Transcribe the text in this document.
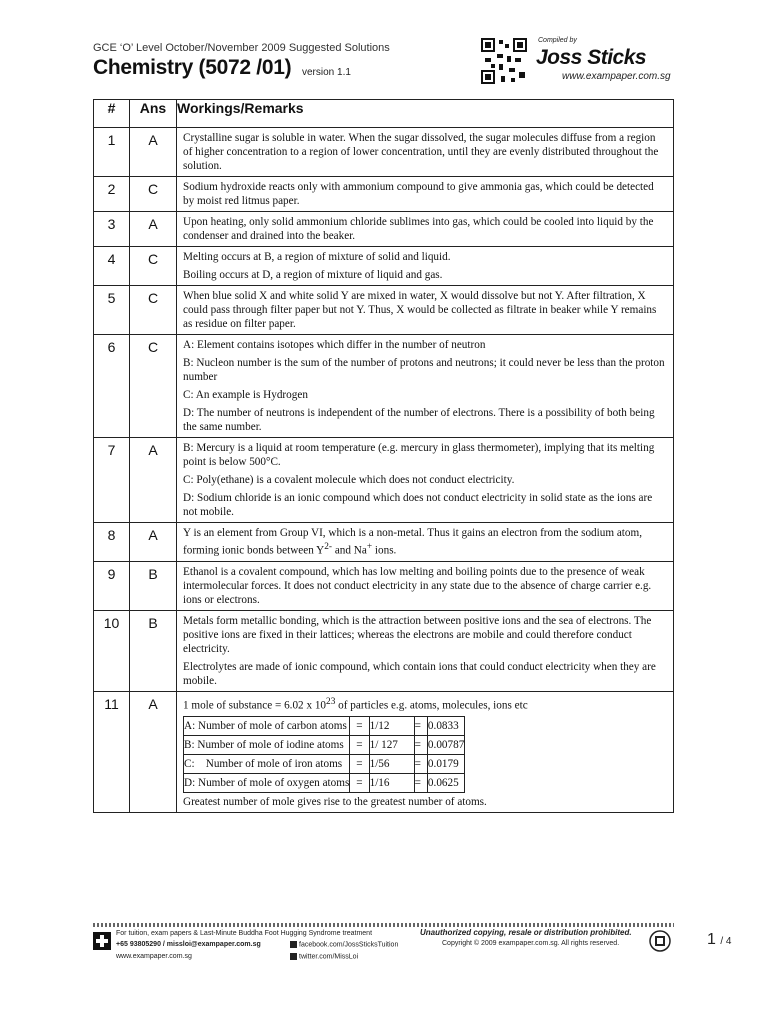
GCE ‘O’ Level October/November 2009 Suggested Solutions
Chemistry (5072 /01) version 1.1
Compiled by
Joss Sticks
www.exampaper.com.sg
#	Ans	Workings/Remarks
1	A	Crystalline sugar is soluble in water. When the sugar dissolved, the sugar molecules diffuse from a region of higher concentration to a region of lower concentration, until they are evenly distributed throughout the solution.

2	C	Sodium hydroxide reacts only with ammonium compound to give ammonia gas, which could be detected by moist red litmus paper.

3	A	Upon heating, only solid ammonium chloride sublimes into gas, which could be cooled into liquid by the condenser and drained into the beaker.

4	C	Melting occurs at B, a region of mixture of solid and liquid.

Boiling occurs at D, a region of mixture of liquid and gas.

5	C	When blue solid X and white solid Y are mixed in water, X would dissolve but not Y. After filtration, X could pass through filter paper but not Y. Thus, X would be collected as filtrate in beaker while Y remains as residue on filter paper.

6	C	A: Element contains isotopes which differ in the number of neutron

B: Nucleon number is the sum of the number of protons and neutrons; it could never be less than the proton number

C: An example is Hydrogen

D: The number of neutrons is independent of the number of electrons. There is a possibility of both being the same number.

7	A	B: Mercury is a liquid at room temperature (e.g. mercury in glass thermometer), implying that its melting point is below 500°C.

C: Poly(ethane) is a covalent molecule which does not conduct electricity.

D: Sodium chloride is an ionic compound which does not conduct electricity in solid state as the ions are not mobile.

8	A	Y is an element from Group VI, which is a non-metal. Thus it gains an electron from the sodium atom, forming ionic bonds between $Y^{2-}$ and Na+ ions.

9	B	Ethanol is a covalent compound, which has low melting and boiling points due to the presence of weak intermolecular forces. It does not conduct electricity in any state due to the absence of charge carrier e.g. ions or electrons.

10	B	Metals form metallic bonding, which is the attraction between positive ions and the sea of electrons. The positive ions are fixed in their lattices; whereas the electrons are mobile and could therefore conduct electricity.

Electrolytes are made of ionic compound, which contain ions that could conduct electricity when they are mobile.

11	A	1 mole of substance = 6.02 x $10^{23}$ of particles e.g. atoms, molecules, ions etc

A: Number of mole of carbon atoms	=	1/12	=	0.0833
B: Number of mole of iodine atoms	=	1/ 127	=	0.00787
C:    Number of mole of iron atoms	=	1/56	=	0.0179
D: Number of mole of oxygen atoms	=	1/16	=	0.0625

Greatest number of mole gives rise to the greatest number of atoms.

For tuition, exam papers & Last-Minute Buddha Foot Hugging Syndrome treatment
+65 93805290 / missloi@exampaper.com.sg	facebook.com/JossSticksTuition
www.exampaper.com.sg	twitter.com/MissLoi
Unauthorized copying, resale or distribution prohibited.
Copyright © 2009 exampaper.com.sg. All rights reserved.	1 / 4
